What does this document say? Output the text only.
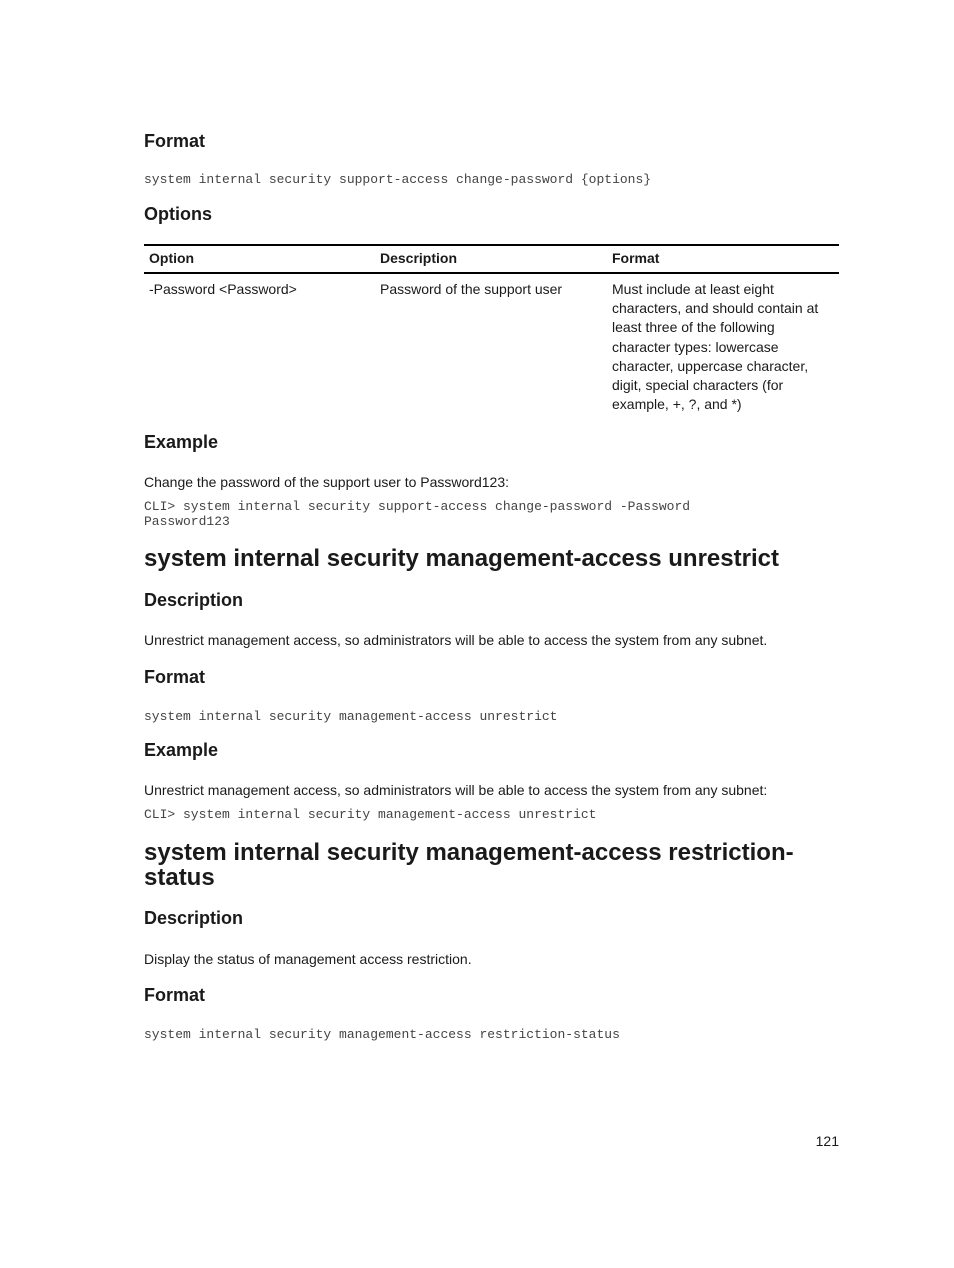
Format
system internal security support-access change-password {options}
Options
Option	Description	Format
-Password <Password>	Password of the support user	Must include at least eight characters, and should contain at least three of the following character types: lowercase character, uppercase character, digit, special characters (for example, +, ?, and *)
Example
Change the password of the support user to Password123:
CLI> system internal security support-access change-password -Password
Password123
system internal security management-access unrestrict
Description
Unrestrict management access, so administrators will be able to access the system from any subnet.
Format
system internal security management-access unrestrict
Example
Unrestrict management access, so administrators will be able to access the system from any subnet:
CLI> system internal security management-access unrestrict
system internal security management-access restriction-status
Description
Display the status of management access restriction.
Format
system internal security management-access restriction-status
121
